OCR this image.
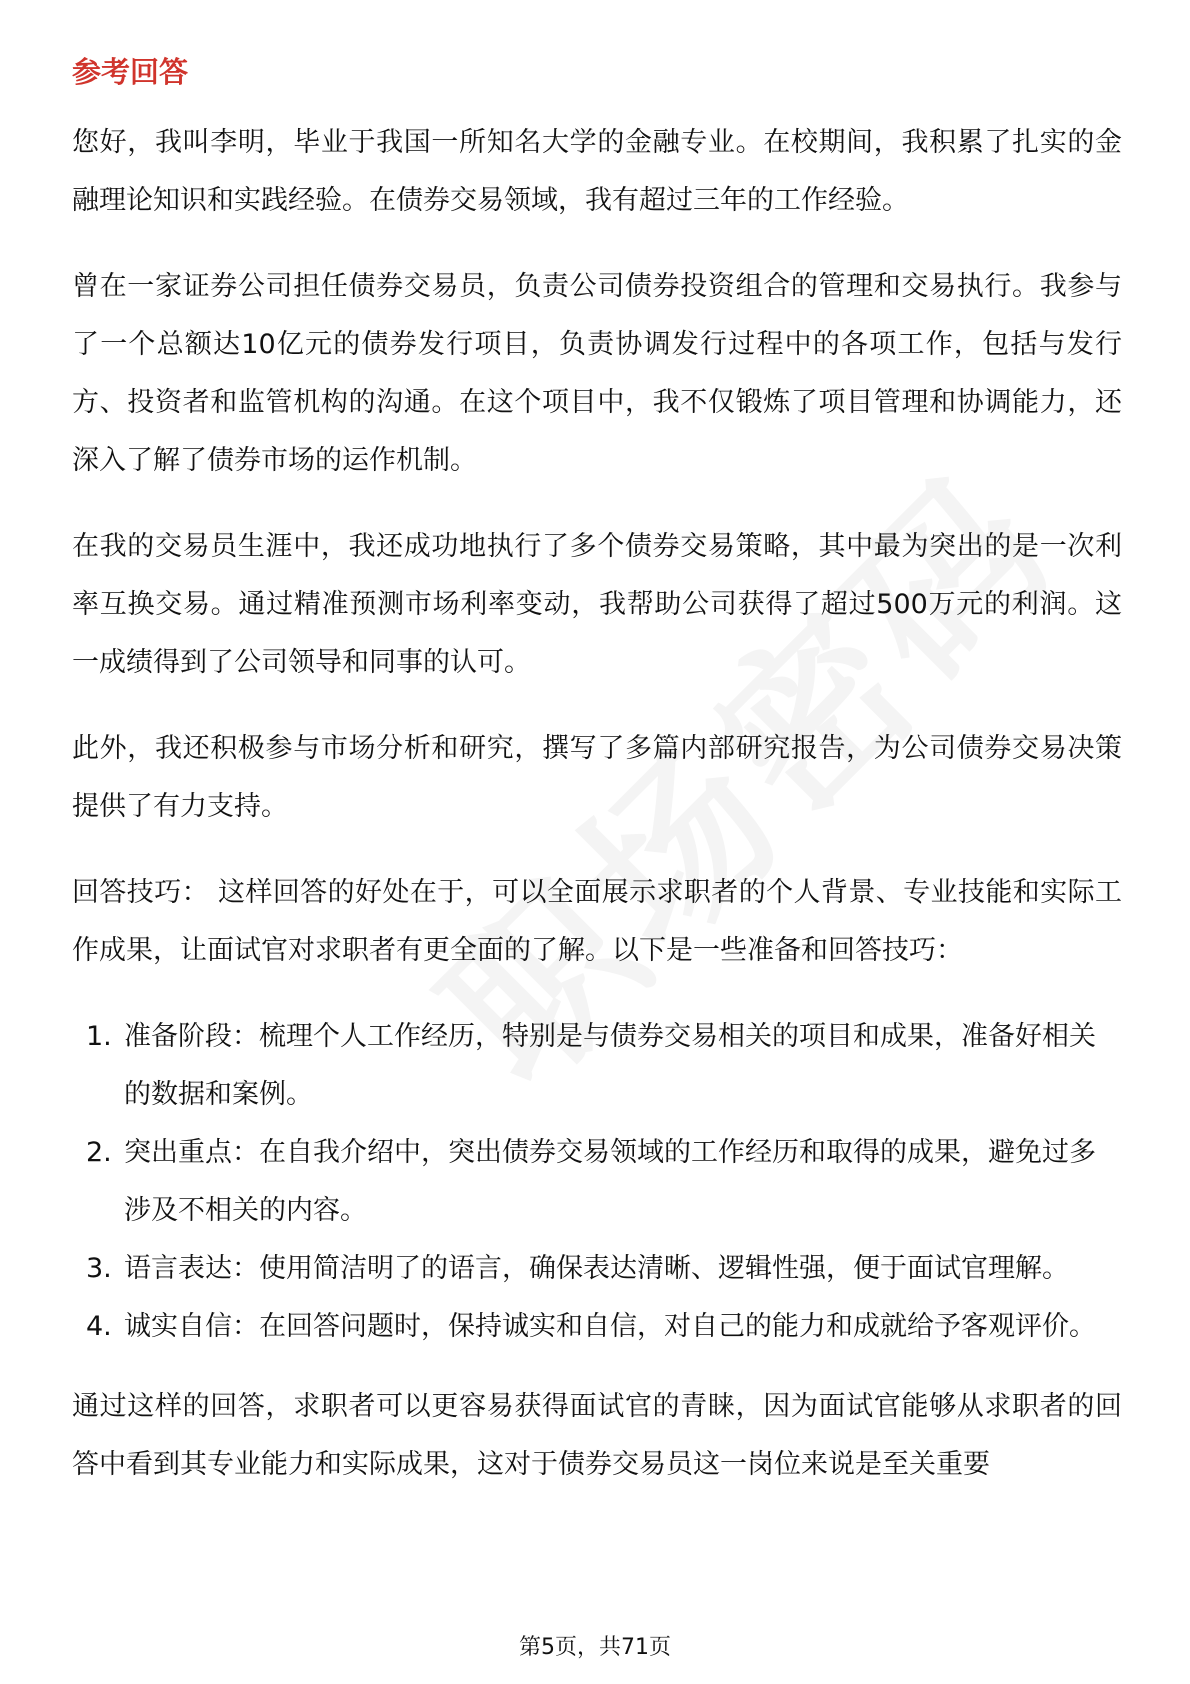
参考回答

您好，我叫李明，毕业于我国一所知名大学的金融专业。在校期间，我积累了扎实的金融理论知识和实践经验。在债券交易领域，我有超过三年的工作经验。

曾在一家证券公司担任债券交易员，负责公司债券投资组合的管理和交易执行。我参与了一个总额达10亿元的债券发行项目，负责协调发行过程中的各项工作，包括与发行方、投资者和监管机构的沟通。在这个项目中，我不仅锻炼了项目管理和协调能力，还深入了解了债券市场的运作机制。

在我的交易员生涯中，我还成功地执行了多个债券交易策略，其中最为突出的是一次利率互换交易。通过精准预测市场利率变动，我帮助公司获得了超过500万元的利润。这一成绩得到了公司领导和同事的认可。

此外，我还积极参与市场分析和研究，撰写了多篇内部研究报告，为公司债券交易决策提供了有力支持。

回答技巧： 这样回答的好处在于，可以全面展示求职者的个人背景、专业技能和实际工作成果，让面试官对求职者有更全面的了解。以下是一些准备和回答技巧：

1. 准备阶段：梳理个人工作经历，特别是与债券交易相关的项目和成果，准备好相关的数据和案例。
2. 突出重点：在自我介绍中，突出债券交易领域的工作经历和取得的成果，避免过多涉及不相关的内容。
3. 语言表达：使用简洁明了的语言，确保表达清晰、逻辑性强，便于面试官理解。
4. 诚实自信：在回答问题时，保持诚实和自信，对自己的能力和成就给予客观评价。

通过这样的回答，求职者可以更容易获得面试官的青睐，因为面试官能够从求职者的回答中看到其专业能力和实际成果，这对于债券交易员这一岗位来说是至关重要

第5页，共71页
